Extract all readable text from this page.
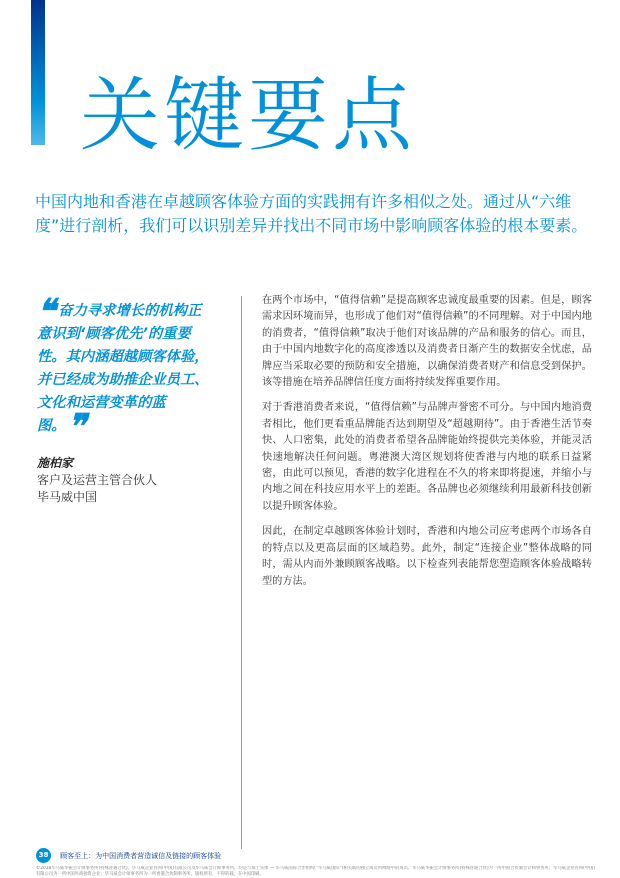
关键要点

中国内地和香港在卓越顾客体验方面的实践拥有许多相似之处。通过从“六维度”进行剖析，我们可以识别差异并找出不同市场中影响顾客体验的根本要素。

❝ 奋力寻求增长的机构正意识到‘顾客优先’的重要性。其内涵超越顾客体验，并已经成为助推企业员工、文化和运营变革的蓝图。❞

施柏家
客户及运营主管合伙人
毕马威中国

在两个市场中，“值得信赖”是提高顾客忠诚度最重要的因素。但是，顾客需求因环境而异，也形成了他们对“值得信赖”的不同理解。对于中国内地的消费者，“值得信赖”取决于他们对该品牌的产品和服务的信心。而且，由于中国内地数字化的高度渗透以及消费者日渐产生的数据安全忧虑，品牌应当采取必要的预防和安全措施，以确保消费者财产和信息受到保护。该等措施在培养品牌信任度方面将持续发挥重要作用。

对于香港消费者来说，“值得信赖”与品牌声誉密不可分。与中国内地消费者相比，他们更看重品牌能否达到期望及“超越期待”。由于香港生活节奏快、人口密集，此处的消费者希望各品牌能始终提供完美体验，并能灵活快速地解决任何问题。粤港澳大湾区规划将使香港与内地的联系日益紧密，由此可以预见，香港的数字化进程在不久的将来即将提速，并缩小与内地之间在科技应用水平上的差距。各品牌也必须继续利用最新科技创新以提升顾客体验。

因此，在制定卓越顾客体验计划时，香港和内地公司应考虑两个市场各自的特点以及更高层面的区域趋势。此外，制定“连接企业”整体战略的同时，需从内而外兼顾顾客战略。以下检查列表能帮您塑造顾客体验战略转型的方法。

38 顾客至上：为中国消费者营造诚信及链接的顾客体验

©2018毕马威华振会计师事务所(特殊普通合伙)、毕马威企业咨询(中国)有限公司及毕马威会计师事务所，均是与瑞士实体 — 毕马威国际合作组织(“毕马威国际”)相关联的独立成员所网络中的成员。毕马威华振会计师事务所(特殊普通合伙)为一所中国合伙制会计师事务所；毕马威企业咨询(中国)有限公司为一所中国外商独资企业；毕马威会计师事务所为一所香港合伙制事务所。版权所有，不得转载。在中国印刷。
